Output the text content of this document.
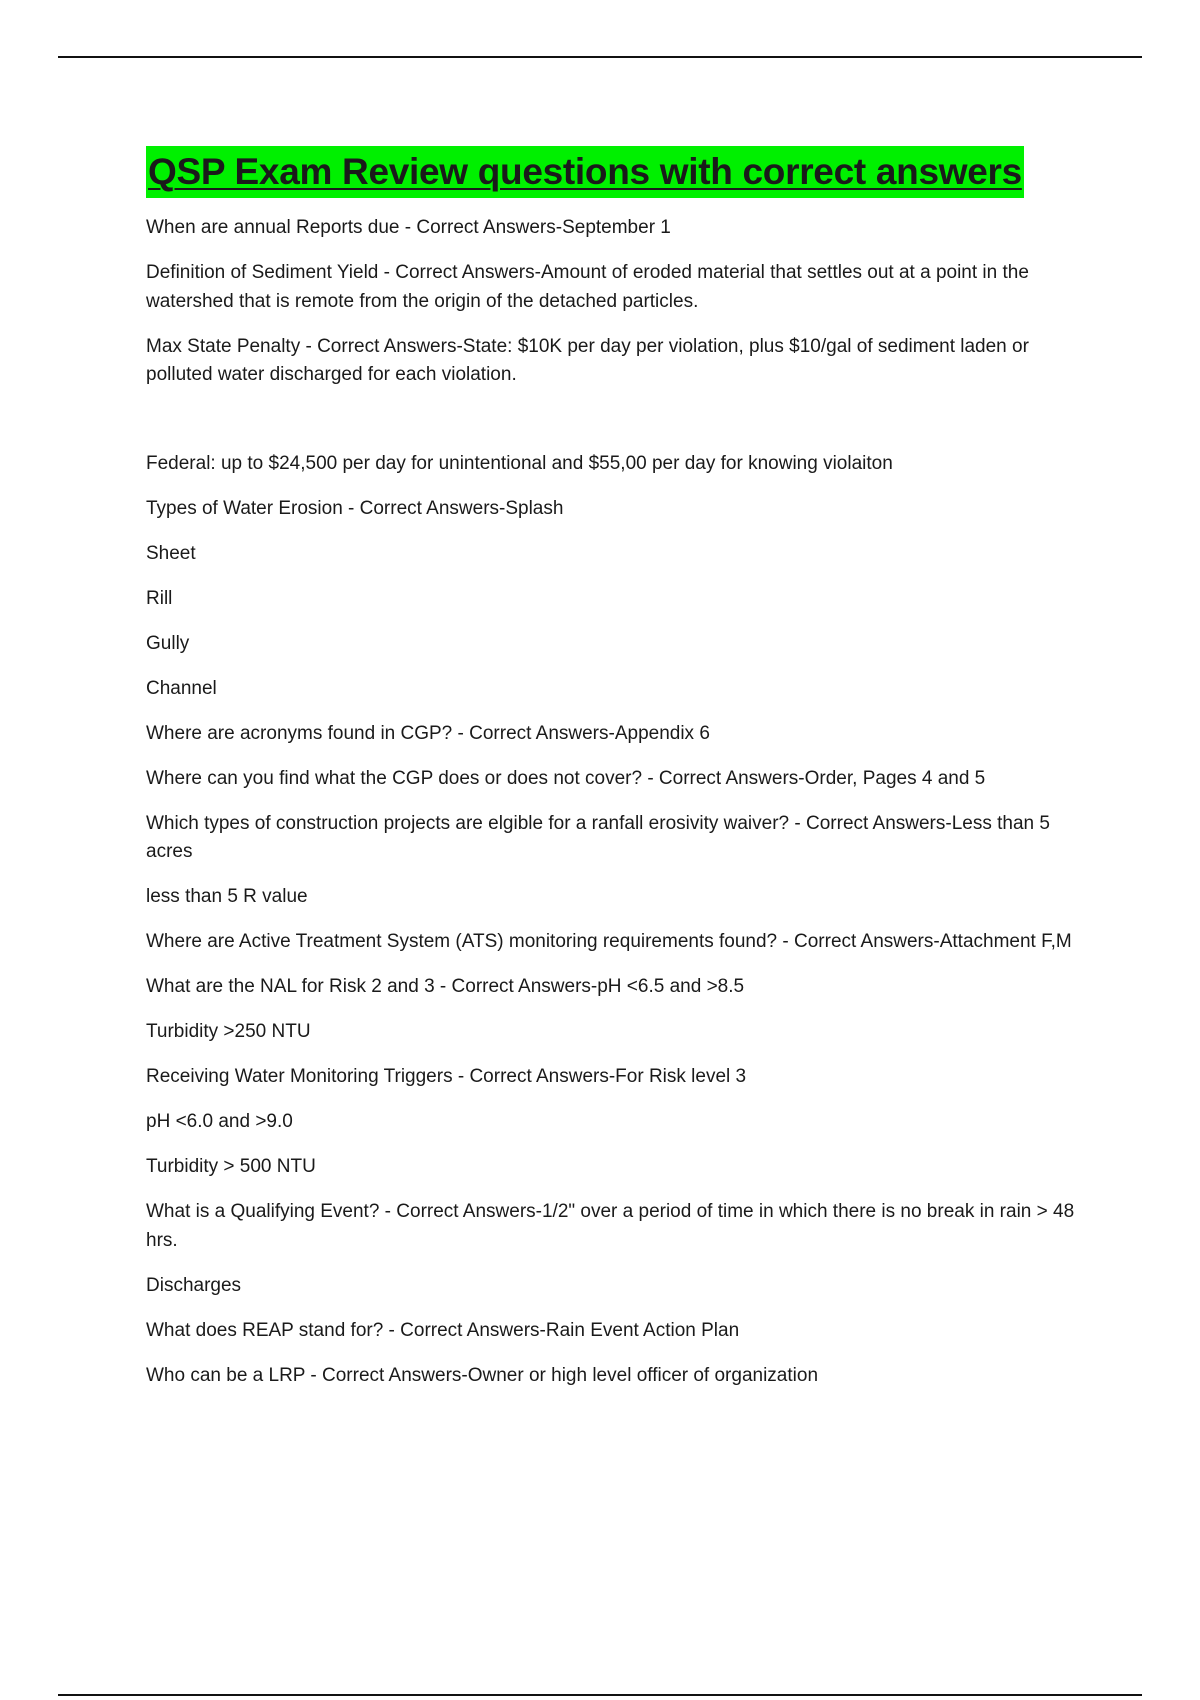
QSP Exam Review questions with correct answers

When are annual Reports due - Correct Answers-September 1

Definition of Sediment Yield - Correct Answers-Amount of eroded material that settles out at a point in the watershed that is remote from the origin of the detached particles.

Max State Penalty - Correct Answers-State: $10K per day per violation, plus $10/gal of sediment laden or polluted water discharged for each violation.

Federal: up to $24,500 per day for unintentional and $55,00 per day for knowing violaiton

Types of Water Erosion - Correct Answers-Splash

Sheet

Rill

Gully

Channel

Where are acronyms found in CGP? - Correct Answers-Appendix 6

Where can you find what the CGP does or does not cover? - Correct Answers-Order, Pages 4 and 5

Which types of construction projects are elgible for a ranfall erosivity waiver? - Correct Answers-Less than 5 acres

less than 5 R value

Where are Active Treatment System (ATS) monitoring requirements found? - Correct Answers-Attachment F,M

What are the NAL for Risk 2 and 3 - Correct Answers-pH <6.5 and >8.5

Turbidity >250 NTU

Receiving Water Monitoring Triggers - Correct Answers-For Risk level 3

pH <6.0 and >9.0

Turbidity > 500 NTU

What is a Qualifying Event? - Correct Answers-1/2" over a period of time in which there is no break in rain > 48 hrs.

Discharges

What does REAP stand for? - Correct Answers-Rain Event Action Plan

Who can be a LRP - Correct Answers-Owner or high level officer of organization
